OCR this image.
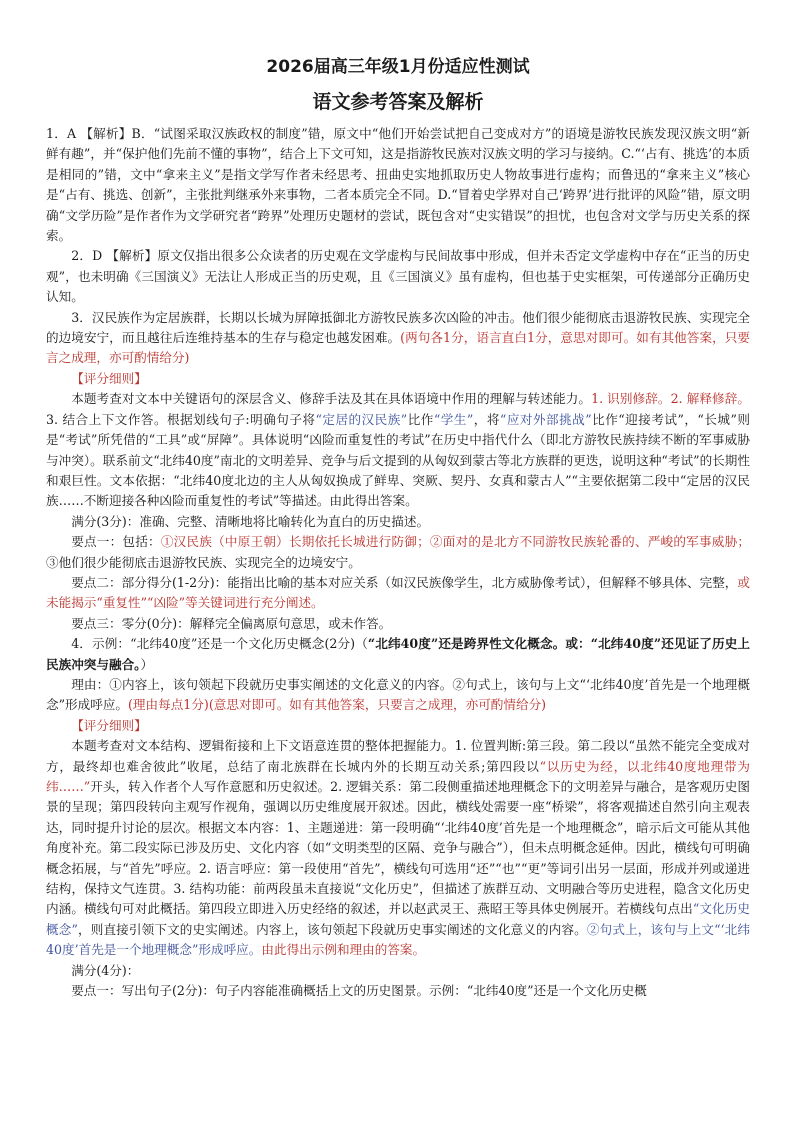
2026届高三年级1月份适应性测试
语文参考答案及解析

1．A 【解析】B．“试图采取汉族政权的制度”错，原文中“他们开始尝试把自己变成对方”的语境是游牧民族发现汉族文明“新鲜有趣”，并“保护他们先前不懂的事物”，结合上下文可知，这是指游牧民族对汉族文明的学习与接纳。C.“‘占有、挑选’的本质是相同的”错，文中“拿来主义”是指文学写作者未经思考、扭曲史实地抓取历史人物故事进行虚构；而鲁迅的“拿来主义”核心是“占有、挑选、创新”，主张批判继承外来事物，二者本质完全不同。D.“冒着史学界对自己‘跨界’进行批评的风险”错，原文明确“文学历险”是作者作为文学研究者“跨界”处理历史题材的尝试，既包含对“史实错误”的担忧，也包含对文学与历史关系的探索。

2．D 【解析】原文仅指出很多公众读者的历史观在文学虚构与民间故事中形成，但并未否定文学虚构中存在“正当的历史观”，也未明确《三国演义》无法让人形成正当的历史观，且《三国演义》虽有虚构，但也基于史实框架，可传递部分正确历史认知。

3．汉民族作为定居族群，长期以长城为屏障抵御北方游牧民族多次凶险的冲击。他们很少能彻底击退游牧民族、实现完全的边境安宁，而且越往后连维持基本的生存与稳定也越发困难。(两句各1分，语言直白1分，意思对即可。如有其他答案，只要言之成理，亦可酌情给分)

【评分细则】

本题考查对文本中关键语句的深层含义、修辞手法及其在具体语境中作用的理解与转述能力。1. 识别修辞。2. 解释修辞。3. 结合上下文作答。根据划线句子:明确句子将“定居的汉民族”比作“学生”，将“应对外部挑战”比作“迎接考试”，“长城”则是“考试”所凭借的“工具”或“屏障”。具体说明“凶险而重复性的考试”在历史中指代什么（即北方游牧民族持续不断的军事威胁与冲突）。联系前文“北纬40度”南北的文明差异、竞争与后文提到的从匈奴到蒙古等北方族群的更迭，说明这种“考试”的长期性和艰巨性。文本依据：“北纬40度北边的主人从匈奴换成了鲜卑、突厥、契丹、女真和蒙古人”“主要依据第二段中“定居的汉民族……不断迎接各种凶险而重复性的考试”等描述。由此得出答案。

满分(3分)：准确、完整、清晰地将比喻转化为直白的历史描述。

要点一：包括：①汉民族（中原王朝）长期依托长城进行防御；②面对的是北方不同游牧民族轮番的、严峻的军事威胁；③他们很少能彻底击退游牧民族、实现完全的边境安宁。

要点二：部分得分(1-2分)：能指出比喻的基本对应关系（如汉民族像学生，北方威胁像考试），但解释不够具体、完整，或未能揭示“重复性”“凶险”等关键词进行充分阐述。

要点三：零分(0分)：解释完全偏离原句意思，或未作答。

4．示例：“北纬40度”还是一个文化历史概念(2分)（“北纬40度”还是跨界性文化概念。或：“北纬40度”还见证了历史上民族冲突与融合。）

理由：①内容上，该句领起下段就历史事实阐述的文化意义的内容。②句式上，该句与上文“‘北纬40度’首先是一个地理概念”形成呼应。(理由每点1分)(意思对即可。如有其他答案，只要言之成理，亦可酌情给分)

【评分细则】

本题考查对文本结构、逻辑衔接和上下文语意连贯的整体把握能力。1. 位置判断:第三段。第二段以“虽然不能完全变成对方，最终却也难舍彼此”收尾，总结了南北族群在长城内外的长期互动关系;第四段以“以历史为经，以北纬40度地理带为纬……”开头，转入作者个人写作意愿和历史叙述。2. 逻辑关系：第二段侧重描述地理概念下的文明差异与融合，是客观历史图景的呈现；第四段转向主观写作视角，强调以历史维度展开叙述。因此，横线处需要一座“桥梁”，将客观描述自然引向主观表达，同时提升讨论的层次。根据文本内容：1、主题递进：第一段明确“‘北纬40度’首先是一个地理概念”，暗示后文可能从其他角度补充。第二段实际已涉及历史、文化内容（如“文明类型的区隔、竞争与融合”），但未点明概念延伸。因此，横线句可明确概念拓展，与“首先”呼应。2. 语言呼应：第一段使用“首先”，横线句可选用“还”“也”“更”等词引出另一层面，形成并列或递进结构，保持文气连贯。3. 结构功能：前两段虽未直接说“文化历史”，但描述了族群互动、文明融合等历史进程，隐含文化历史内涵。横线句可对此概括。第四段立即进入历史经络的叙述，并以赵武灵王、燕昭王等具体史例展开。若横线句点出“文化历史概念”，则直接引领下文的史实阐述。内容上，该句领起下段就历史事实阐述的文化意义的内容。②句式上，该句与上文“‘北纬40度’首先是一个地理概念”形成呼应。由此得出示例和理由的答案。

满分(4分)：

要点一：写出句子(2分)：句子内容能准确概括上文的历史图景。示例：“北纬40度”还是一个文化历史概
